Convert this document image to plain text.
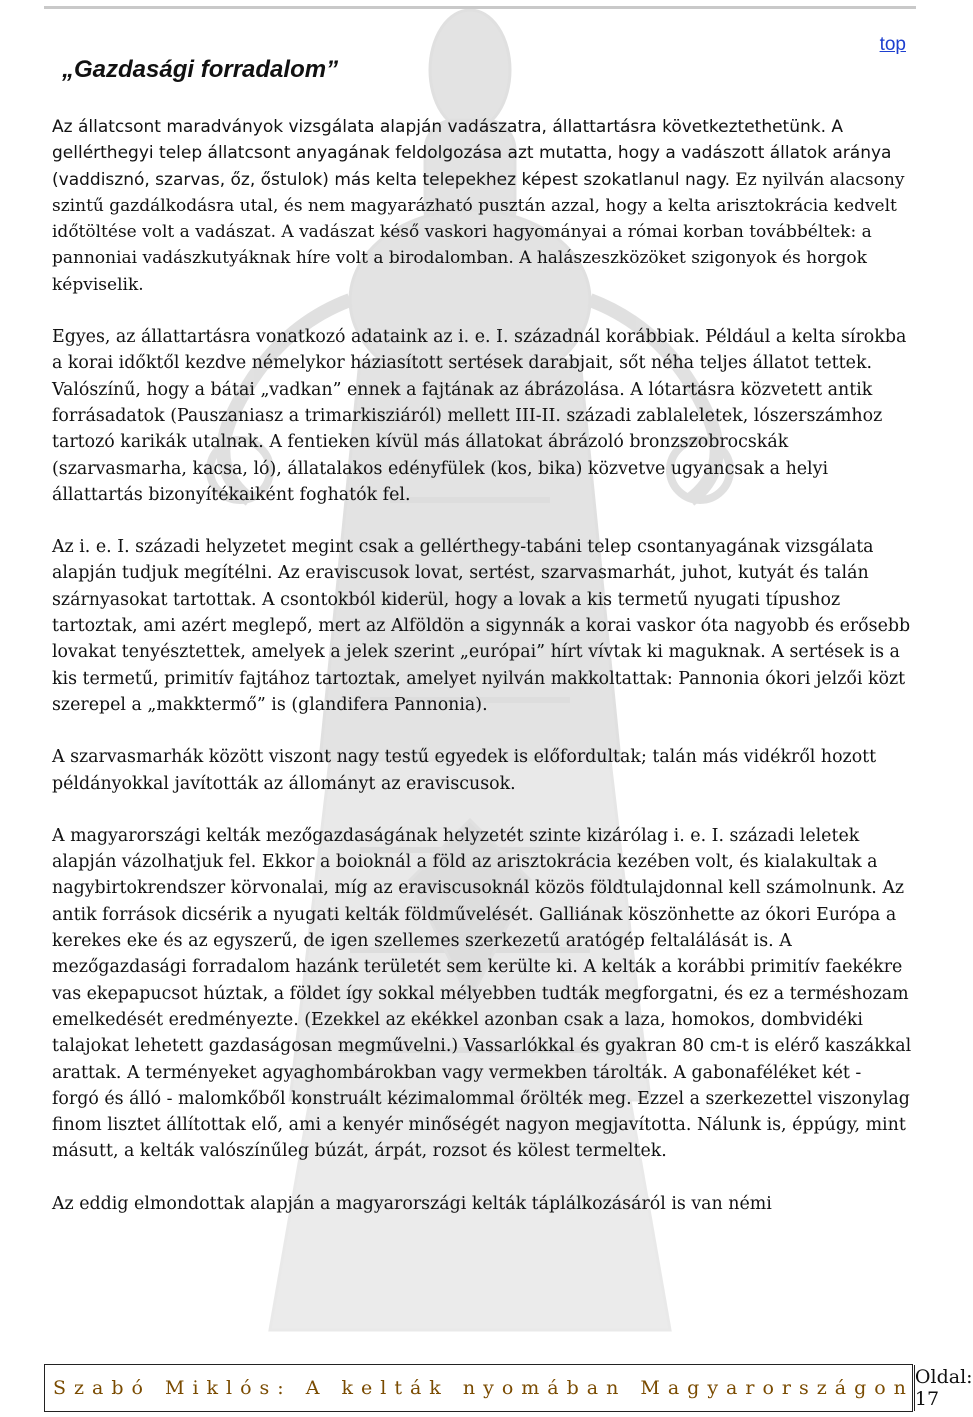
top
„Gazdasági forradalom”

Az állatcsont maradványok vizsgálata alapján vadászatra, állattartásra következtethetünk. A gellérthegyi telep állatcsont anyagának feldolgozása azt mutatta, hogy a vadászott állatok aránya (vaddisznó, szarvas, őz, őstulok) más kelta telepekhez képest szokatlanul nagy. Ez nyilván alacsony szintű gazdálkodásra utal, és nem magyarázható pusztán azzal, hogy a kelta arisztokrácia kedvelt időtöltése volt a vadászat. A vadászat késő vaskori hagyományai a római korban továbbéltek: a pannoniai vadászkutyáknak híre volt a birodalomban. A halászeszközöket szigonyok és horgok képviselik.

Egyes, az állattartásra vonatkozó adataink az i. e. I. századnál korábbiak. Például a kelta sírokba a korai időktől kezdve némelykor háziasított sertések darabjait, sőt néha teljes állatot tettek. Valószínű, hogy a bátai „vadkan” ennek a fajtának az ábrázolása. A lótartásra közvetett antik forrásadatok (Pauszaniasz a trimarkisziáról) mellett III-II. századi zablaleletek, lószerszámhoz tartozó karikák utalnak. A fentieken kívül más állatokat ábrázoló bronzszobrocskák (szarvasmarha, kacsa, ló), állatalakos edényfülek (kos, bika) közvetve ugyancsak a helyi állattartás bizonyítékaiként foghatók fel.

Az i. e. I. századi helyzetet megint csak a gellérthegy-tabáni telep csontanyagának vizsgálata alapján tudjuk megítélni. Az eraviscusok lovat, sertést, szarvasmarhát, juhot, kutyát és talán szárnyasokat tartottak. A csontokból kiderül, hogy a lovak a kis termetű nyugati típushoz tartoztak, ami azért meglepő, mert az Alföldön a sigynnák a korai vaskor óta nagyobb és erősebb lovakat tenyésztettek, amelyek a jelek szerint „európai” hírt vívtak ki maguknak. A sertések is a kis termetű, primitív fajtához tartoztak, amelyet nyilván makkoltattak: Pannonia ókori jelzői közt szerepel a „makktermő” is (glandifera Pannonia).

A szarvasmarhák között viszont nagy testű egyedek is előfordultak; talán más vidékről hozott példányokkal javították az állományt az eraviscusok.

A magyarországi kelták mezőgazdaságának helyzetét szinte kizárólag i. e. I. századi leletek alapján vázolhatjuk fel. Ekkor a boioknál a föld az arisztokrácia kezében volt, és kialakultak a nagybirtokrendszer körvonalai, míg az eraviscusoknál közös földtulajdonnal kell számolnunk. Az antik források dicsérik a nyugati kelták földművelését. Galliának köszönhette az ókori Európa a kerekes eke és az egyszerű, de igen szellemes szerkezetű aratógép feltalálását is. A mezőgazdasági forradalom hazánk területét sem kerülte ki. A kelták a korábbi primitív faekékre vas ekepapucsot húztak, a földet így sokkal mélyebben tudták megforgatni, és ez a terméshozam emelkedését eredményezte. (Ezekkel az ekékkel azonban csak a laza, homokos, dombvidéki talajokat lehetett gazdaságosan megművelni.) Vassarlókkal és gyakran 80 cm-t is elérő kaszákkal arattak. A terményeket agyaghombárokban vagy vermekben tárolták. A gabonaféléket két - forgó és álló - malomkőből konstruált kézimalommal őrölték meg. Ezzel a szerkezettel viszonylag finom lisztet állítottak elő, ami a kenyér minőségét nagyon megjavította. Nálunk is, éppúgy, mint másutt, a kelták valószínűleg búzát, árpát, rozsot és kölest termeltek.

Az eddig elmondottak alapján a magyarországi kelták táplálkozásáról is van némi

Szabó Miklós: A kelták nyomában Magyarországon Oldal: 17
